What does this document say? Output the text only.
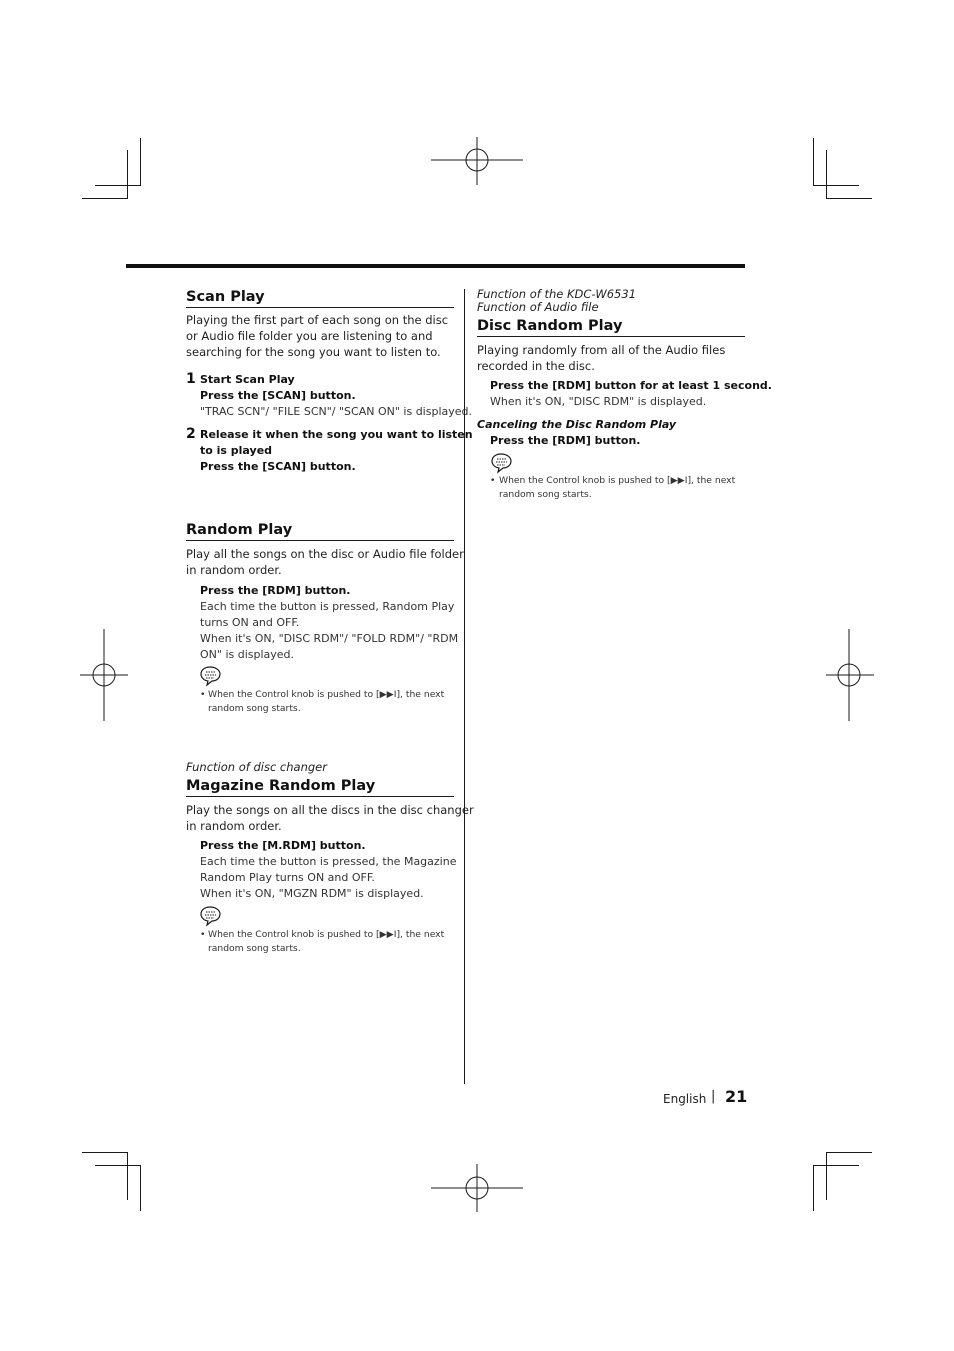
Scan Play
Playing the first part of each song on the disc
or Audio file folder you are listening to and
searching for the song you want to listen to.
1 Start Scan Play
Press the [SCAN] button.
"TRAC SCN"/ "FILE SCN"/ "SCAN ON" is displayed.
2 Release it when the song you want to listen
to is played
Press the [SCAN] button.
Random Play
Play all the songs on the disc or Audio file folder
in random order.
Press the [RDM] button.
Each time the button is pressed, Random Play
turns ON and OFF.
When it's ON, "DISC RDM"/ "FOLD RDM"/ "RDM
ON" is displayed.
• When the Control knob is pushed to [▶▶I], the next
random song starts.
Function of disc changer
Magazine Random Play
Play the songs on all the discs in the disc changer
in random order.
Press the [M.RDM] button.
Each time the button is pressed, the Magazine
Random Play turns ON and OFF.
When it's ON, "MGZN RDM" is displayed.
• When the Control knob is pushed to [▶▶I], the next
random song starts.
Function of the KDC-W6531
Function of Audio file
Disc Random Play
Playing randomly from all of the Audio files
recorded in the disc.
Press the [RDM] button for at least 1 second.
When it's ON, "DISC RDM" is displayed.
Canceling the Disc Random Play
Press the [RDM] button.
• When the Control knob is pushed to [▶▶I], the next
random song starts.
English | 21
